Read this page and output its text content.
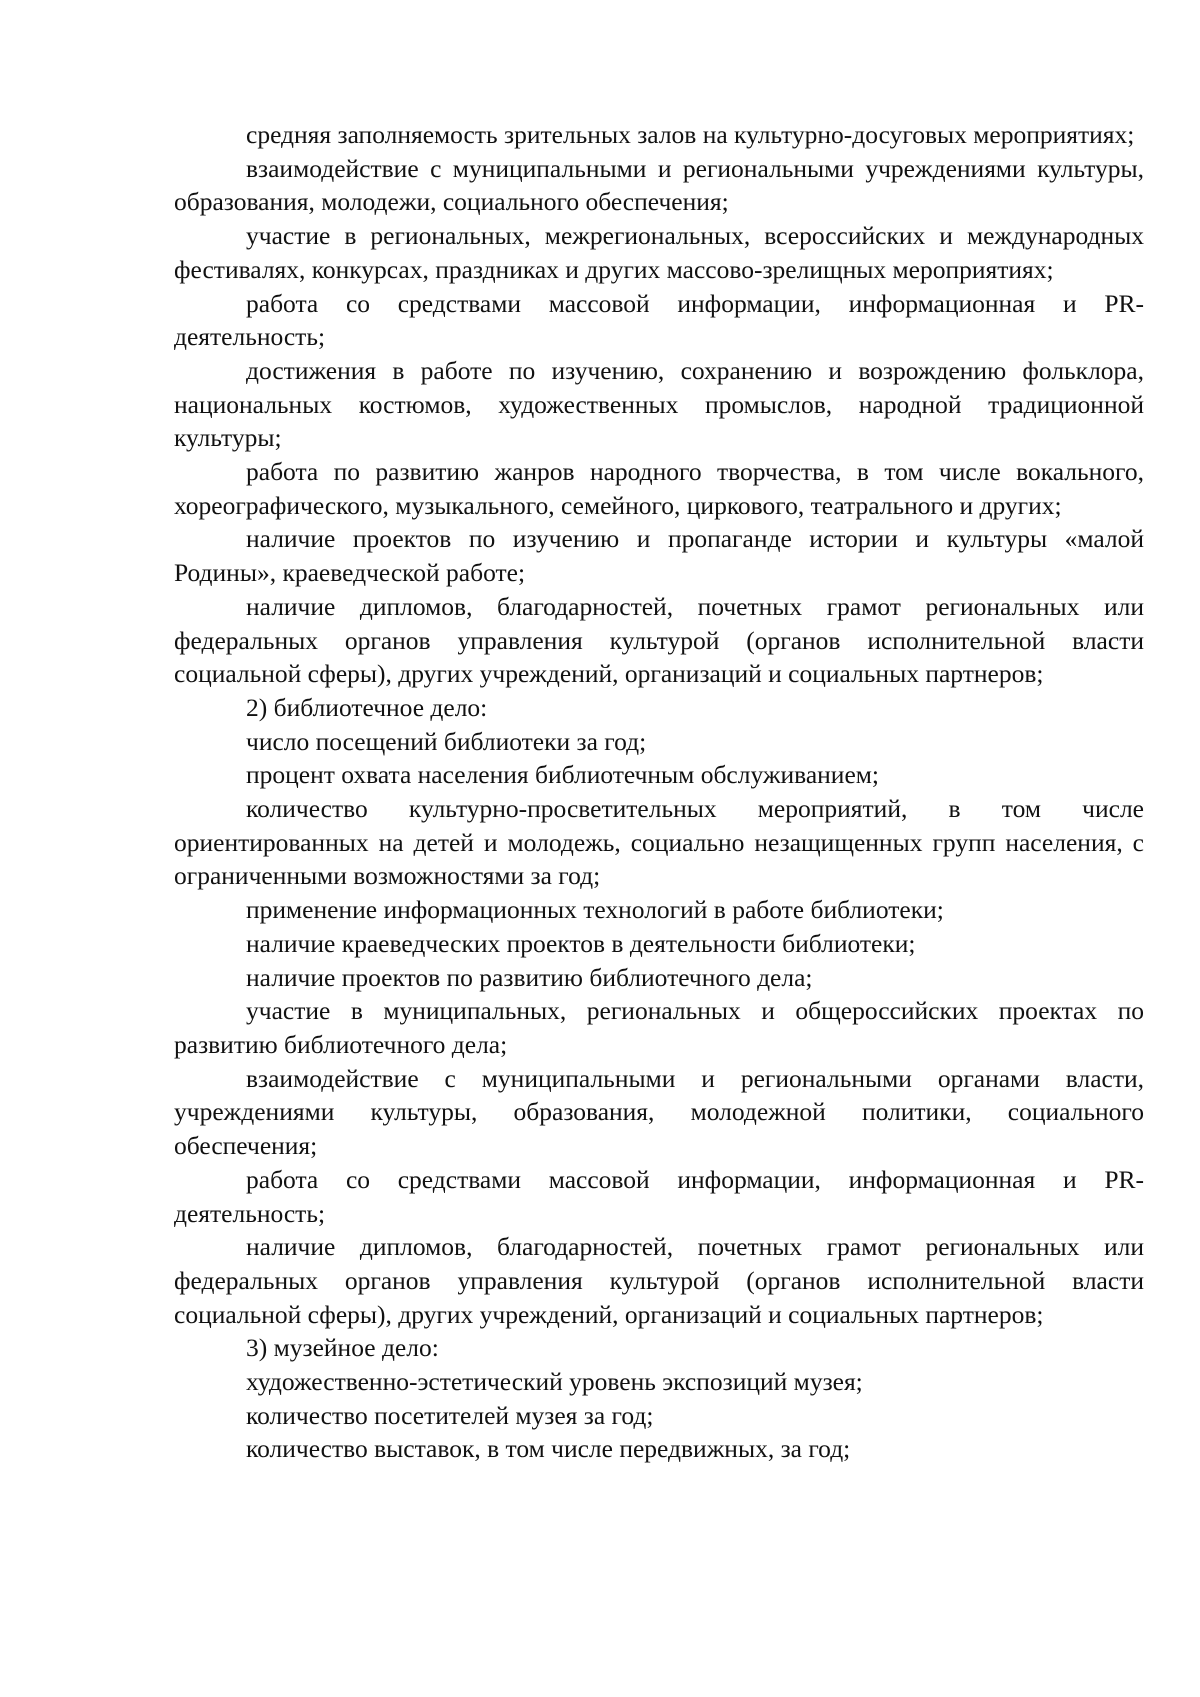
средняя заполняемость зрительных залов на культурно-досуговых мероприятиях;

взаимодействие с муниципальными и региональными учреждениями культуры, образования, молодежи, социального обеспечения;

участие в региональных, межрегиональных, всероссийских и международных фестивалях, конкурсах, праздниках и других массово-зрелищных мероприятиях;

работа со средствами массовой информации, информационная и PR-деятельность;

достижения в работе по изучению, сохранению и возрождению фольклора, национальных костюмов, художественных промыслов, народной традиционной культуры;

работа по развитию жанров народного творчества, в том числе вокального, хореографического, музыкального, семейного, циркового, театрального и других;

наличие проектов по изучению и пропаганде истории и культуры «малой Родины», краеведческой работе;

наличие дипломов, благодарностей, почетных грамот региональных или федеральных органов управления культурой (органов исполнительной власти социальной сферы), других учреждений, организаций и социальных партнеров;

2) библиотечное дело:

число посещений библиотеки за год;

процент охвата населения библиотечным обслуживанием;

количество культурно-просветительных мероприятий, в том числе ориентированных на детей и молодежь, социально незащищенных групп населения, с ограниченными возможностями за год;

применение информационных технологий в работе библиотеки;

наличие краеведческих проектов в деятельности библиотеки;

наличие проектов по развитию библиотечного дела;

участие в муниципальных, региональных и общероссийских проектах по развитию библиотечного дела;

взаимодействие с муниципальными и региональными органами власти, учреждениями культуры, образования, молодежной политики, социального обеспечения;

работа со средствами массовой информации, информационная и PR-деятельность;

наличие дипломов, благодарностей, почетных грамот региональных или федеральных органов управления культурой (органов исполнительной власти социальной сферы), других учреждений, организаций и социальных партнеров;

3) музейное дело:

художественно-эстетический уровень экспозиций музея;

количество посетителей музея за год;

количество выставок, в том числе передвижных, за год;
